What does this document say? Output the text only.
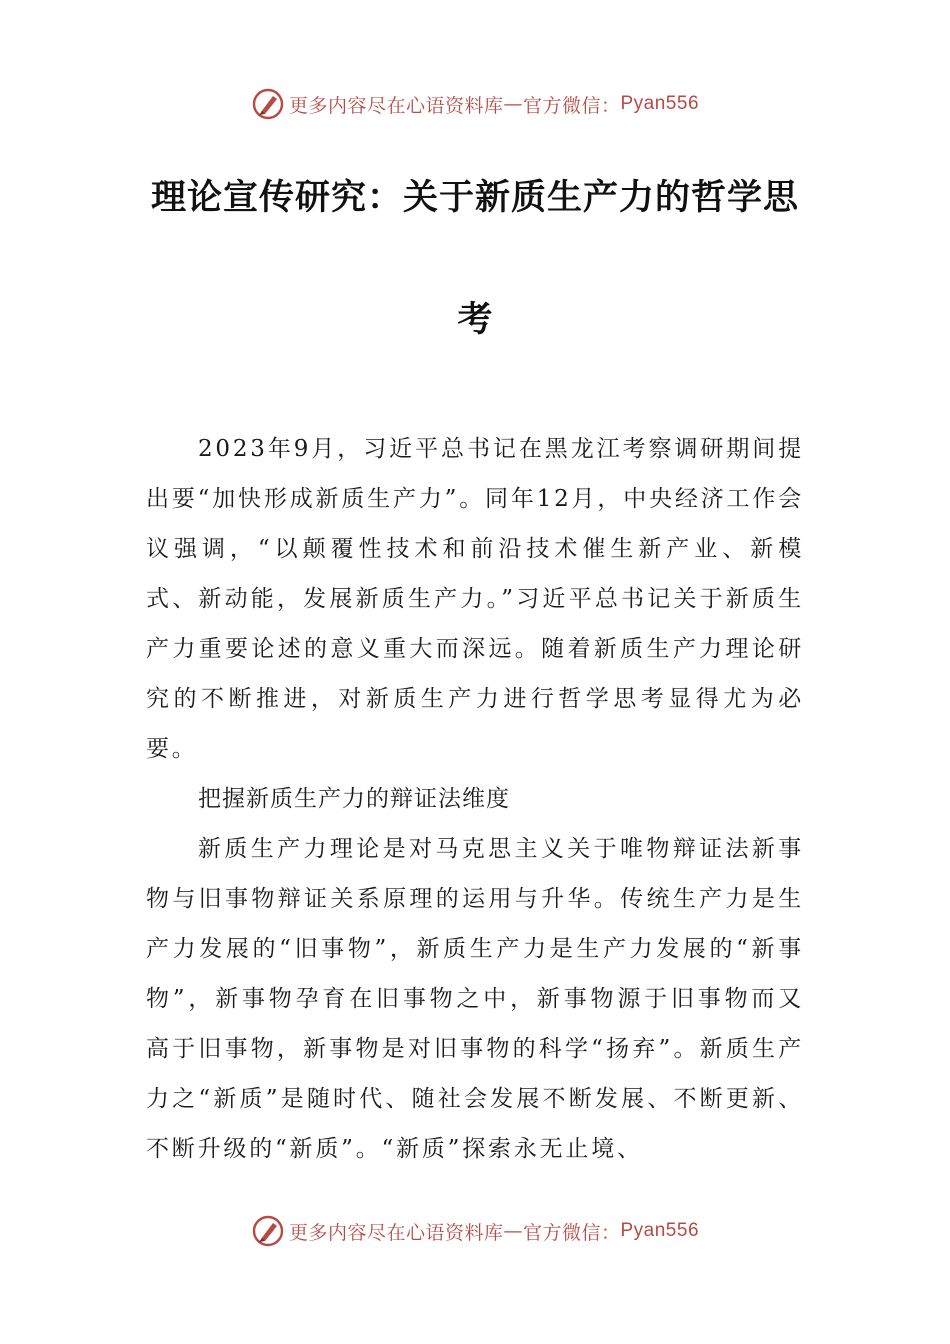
更多内容尽在心语资料库 — 官方微信： Pyan556
理论宣传研究：关于新质生产力的哲学思
考

2023年9月，习近平总书记在黑龙江考察调研期间提出要“加快形成新质生产力”。同年12月，中央经济工作会议强调，“以颠覆性技术和前沿技术催生新产业、新模式、新动能，发展新质生产力。”习近平总书记关于新质生产力重要论述的意义重大而深远。随着新质生产力理论研究的不断推进，对新质生产力进行哲学思考显得尤为必要。

把握新质生产力的辩证法维度

新质生产力理论是对马克思主义关于唯物辩证法新事物与旧事物辩证关系原理的运用与升华。传统生产力是生产力发展的“旧事物”，新质生产力是生产力发展的“新事物”，新事物孕育在旧事物之中，新事物源于旧事物而又高于旧事物，新事物是对旧事物的科学“扬弃”。新质生产力之“新质”是随时代、随社会发展不断发展、不断更新、不断升级的“新质”。“新质”探索永无止境、

更多内容尽在心语资料库 — 官方微信： Pyan556
